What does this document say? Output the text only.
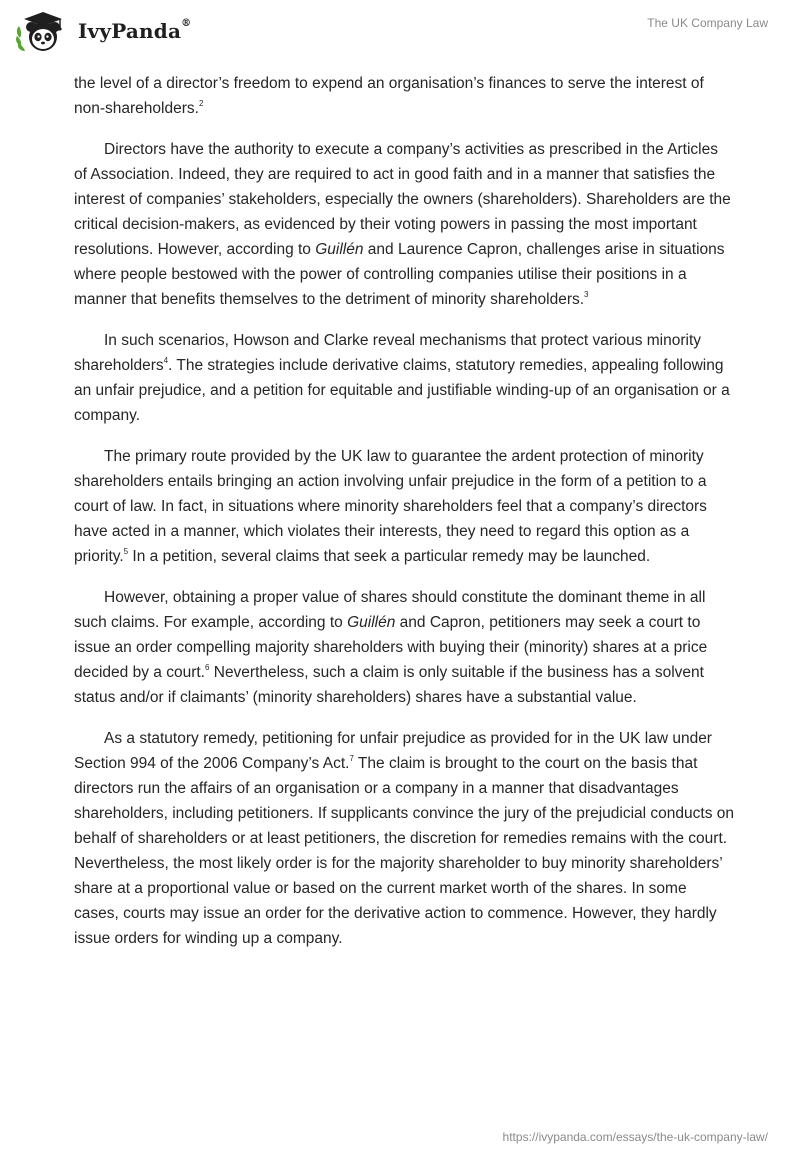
IvyPanda®	The UK Company Law

the level of a director’s freedom to expend an organisation’s finances to serve the interest of non-shareholders.$^2$

Directors have the authority to execute a company’s activities as prescribed in the Articles of Association. Indeed, they are required to act in good faith and in a manner that satisfies the interest of companies’ stakeholders, especially the owners (shareholders). Shareholders are the critical decision-makers, as evidenced by their voting powers in passing the most important resolutions. However, according to Guillén and Laurence Capron, challenges arise in situations where people bestowed with the power of controlling companies utilise their positions in a manner that benefits themselves to the detriment of minority shareholders.$^3$

In such scenarios, Howson and Clarke reveal mechanisms that protect various minority shareholders$^4$. The strategies include derivative claims, statutory remedies, appealing following an unfair prejudice, and a petition for equitable and justifiable winding-up of an organisation or a company.

The primary route provided by the UK law to guarantee the ardent protection of minority shareholders entails bringing an action involving unfair prejudice in the form of a petition to a court of law. In fact, in situations where minority shareholders feel that a company’s directors have acted in a manner, which violates their interests, they need to regard this option as a priority.$^5$ In a petition, several claims that seek a particular remedy may be launched.

However, obtaining a proper value of shares should constitute the dominant theme in all such claims. For example, according to Guillén and Capron, petitioners may seek a court to issue an order compelling majority shareholders with buying their (minority) shares at a price decided by a court.$^6$ Nevertheless, such a claim is only suitable if the business has a solvent status and/or if claimants’ (minority shareholders) shares have a substantial value.

As a statutory remedy, petitioning for unfair prejudice as provided for in the UK law under Section 994 of the 2006 Company’s Act.$^7$ The claim is brought to the court on the basis that directors run the affairs of an organisation or a company in a manner that disadvantages shareholders, including petitioners. If supplicants convince the jury of the prejudicial conducts on behalf of shareholders or at least petitioners, the discretion for remedies remains with the court. Nevertheless, the most likely order is for the majority shareholder to buy minority shareholders’ share at a proportional value or based on the current market worth of the shares. In some cases, courts may issue an order for the derivative action to commence. However, they hardly issue orders for winding up a company.

https://ivypanda.com/essays/the-uk-company-law/
